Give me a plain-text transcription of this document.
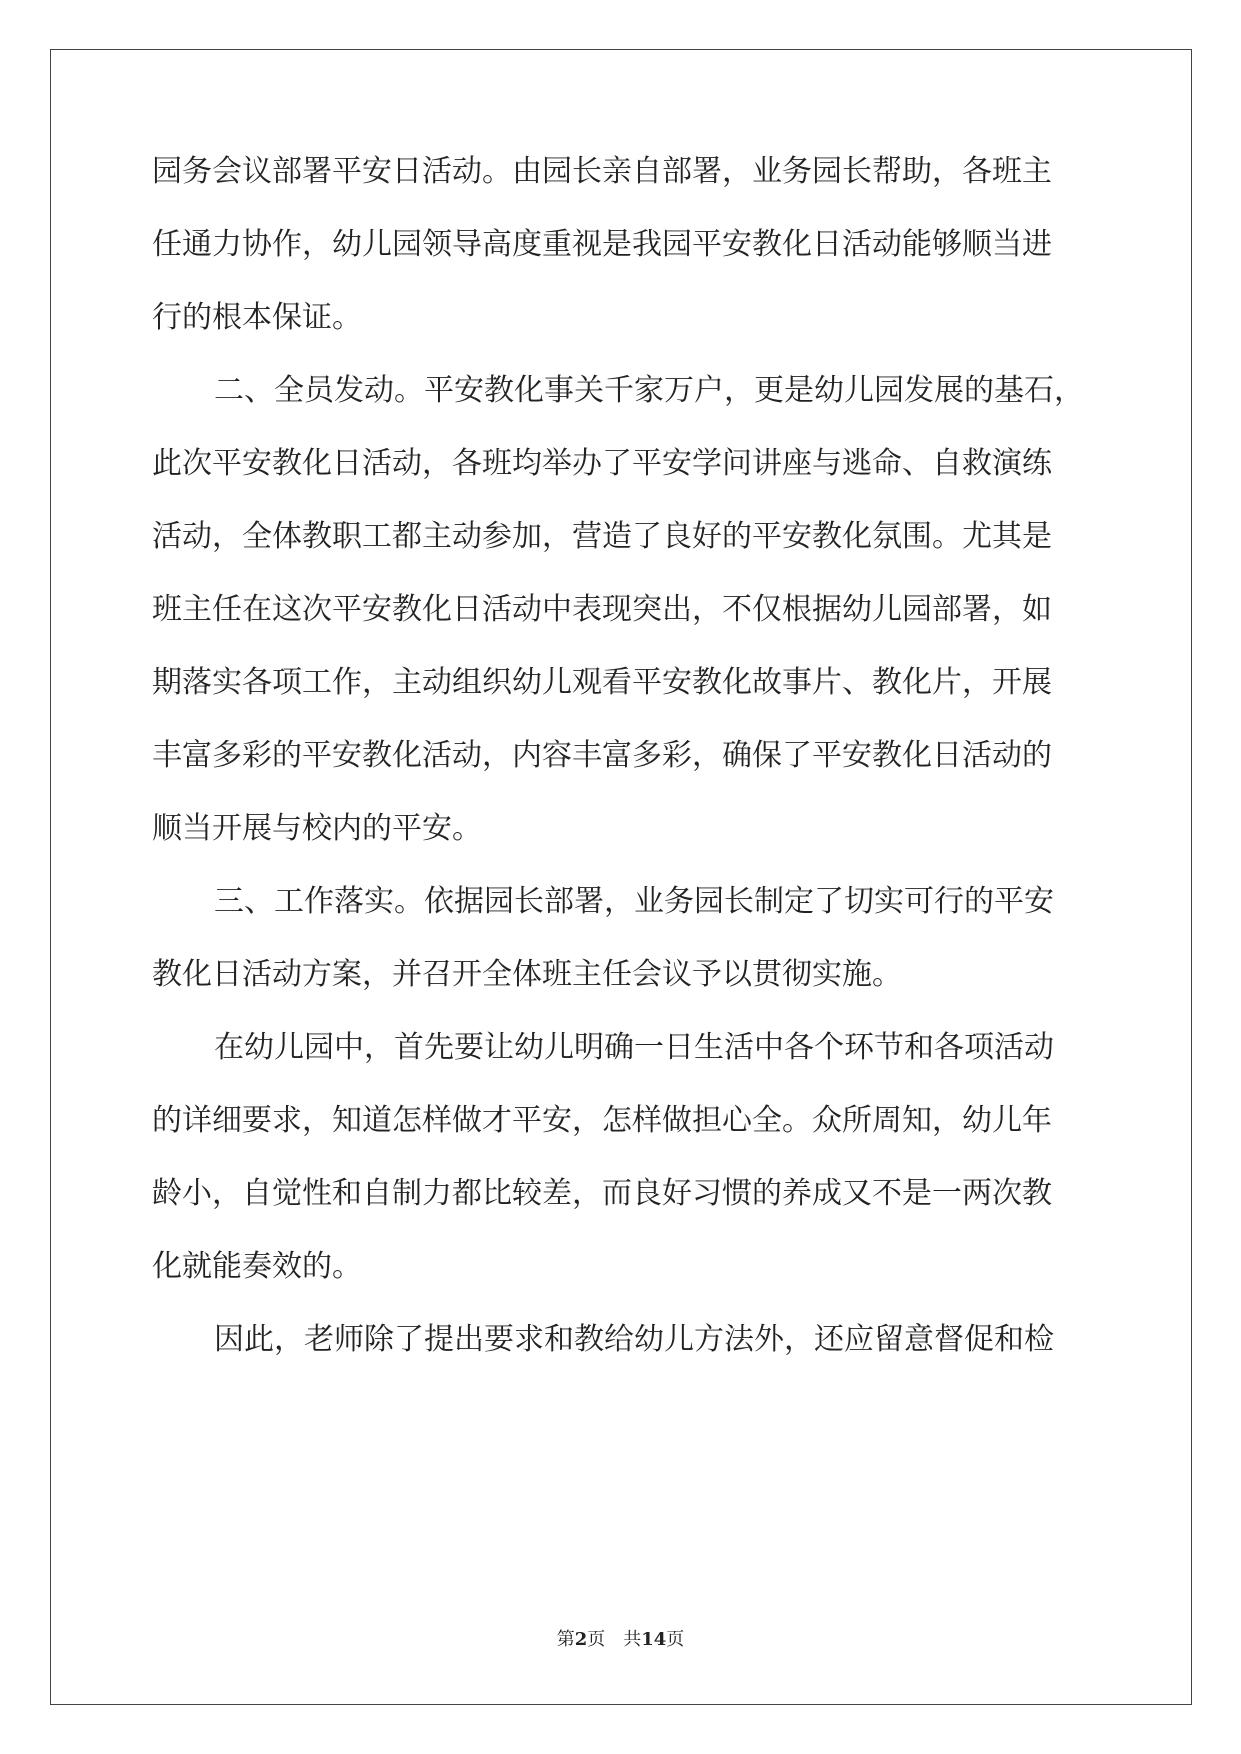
园务会议部署平安日活动。由园长亲自部署，业务园长帮助，各班主
任通力协作，幼儿园领导高度重视是我园平安教化日活动能够顺当进
行的根本保证。
二、全员发动。平安教化事关千家万户，更是幼儿园发展的基石，
此次平安教化日活动，各班均举办了平安学问讲座与逃命、自救演练
活动，全体教职工都主动参加，营造了良好的平安教化氛围。尤其是
班主任在这次平安教化日活动中表现突出，不仅根据幼儿园部署，如
期落实各项工作，主动组织幼儿观看平安教化故事片、教化片，开展
丰富多彩的平安教化活动，内容丰富多彩，确保了平安教化日活动的
顺当开展与校内的平安。
三、工作落实。依据园长部署，业务园长制定了切实可行的平安
教化日活动方案，并召开全体班主任会议予以贯彻实施。
在幼儿园中，首先要让幼儿明确一日生活中各个环节和各项活动
的详细要求，知道怎样做才平安，怎样做担心全。众所周知，幼儿年
龄小，自觉性和自制力都比较差，而良好习惯的养成又不是一两次教
化就能奏效的。
因此，老师除了提出要求和教给幼儿方法外，还应留意督促和检
第2页 共14页
